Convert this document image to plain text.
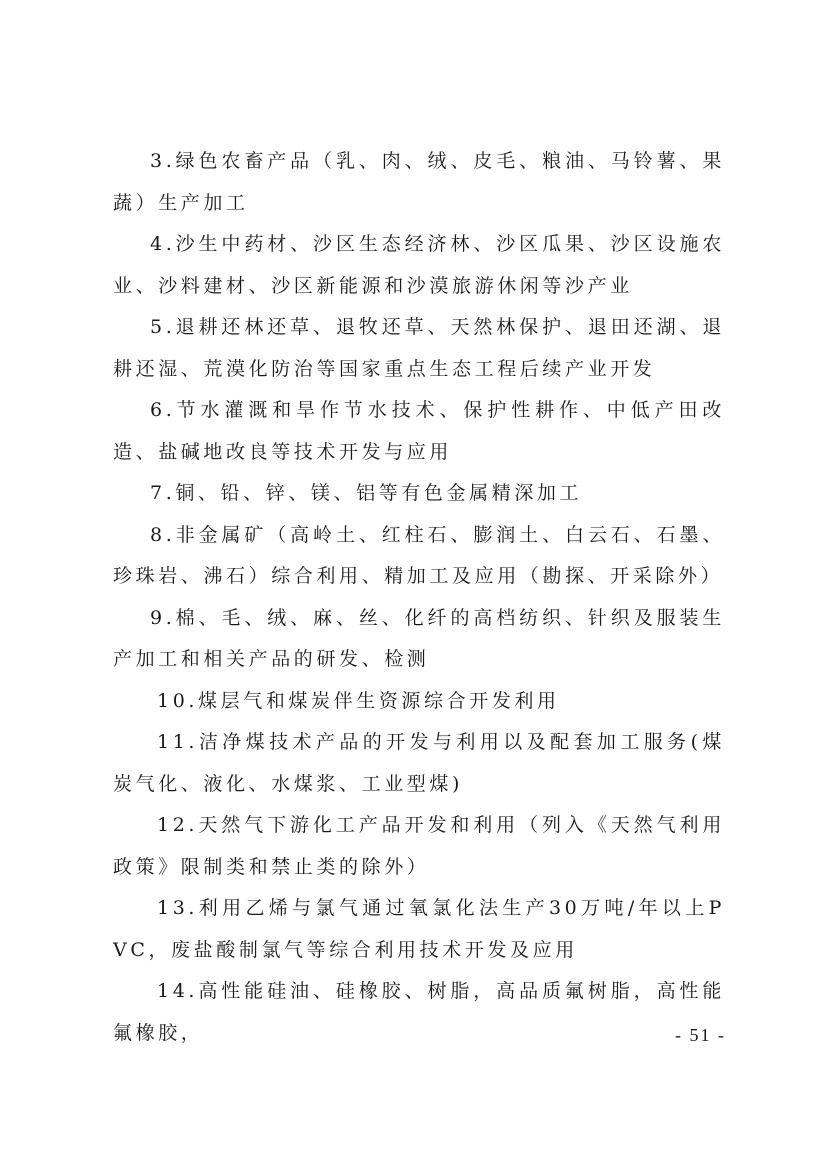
3.绿色农畜产品（乳、肉、绒、皮毛、粮油、马铃薯、果蔬）生产加工

4.沙生中药材、沙区生态经济林、沙区瓜果、沙区设施农业、沙料建材、沙区新能源和沙漠旅游休闲等沙产业

5.退耕还林还草、退牧还草、天然林保护、退田还湖、退耕还湿、荒漠化防治等国家重点生态工程后续产业开发

6.节水灌溉和旱作节水技术、保护性耕作、中低产田改造、盐碱地改良等技术开发与应用

7.铜、铅、锌、镁、铝等有色金属精深加工

8.非金属矿（高岭土、红柱石、膨润土、白云石、石墨、珍珠岩、沸石）综合利用、精加工及应用（勘探、开采除外）

9.棉、毛、绒、麻、丝、化纤的高档纺织、针织及服装生产加工和相关产品的研发、检测

10.煤层气和煤炭伴生资源综合开发利用

11.洁净煤技术产品的开发与利用以及配套加工服务(煤炭气化、液化、水煤浆、工业型煤)

12.天然气下游化工产品开发和利用（列入《天然气利用政策》限制类和禁止类的除外）

13.利用乙烯与氯气通过氧氯化法生产30万吨/年以上PVC，废盐酸制氯气等综合利用技术开发及应用

14.高性能硅油、硅橡胶、树脂，高品质氟树脂，高性能氟橡胶，	- 51 -
